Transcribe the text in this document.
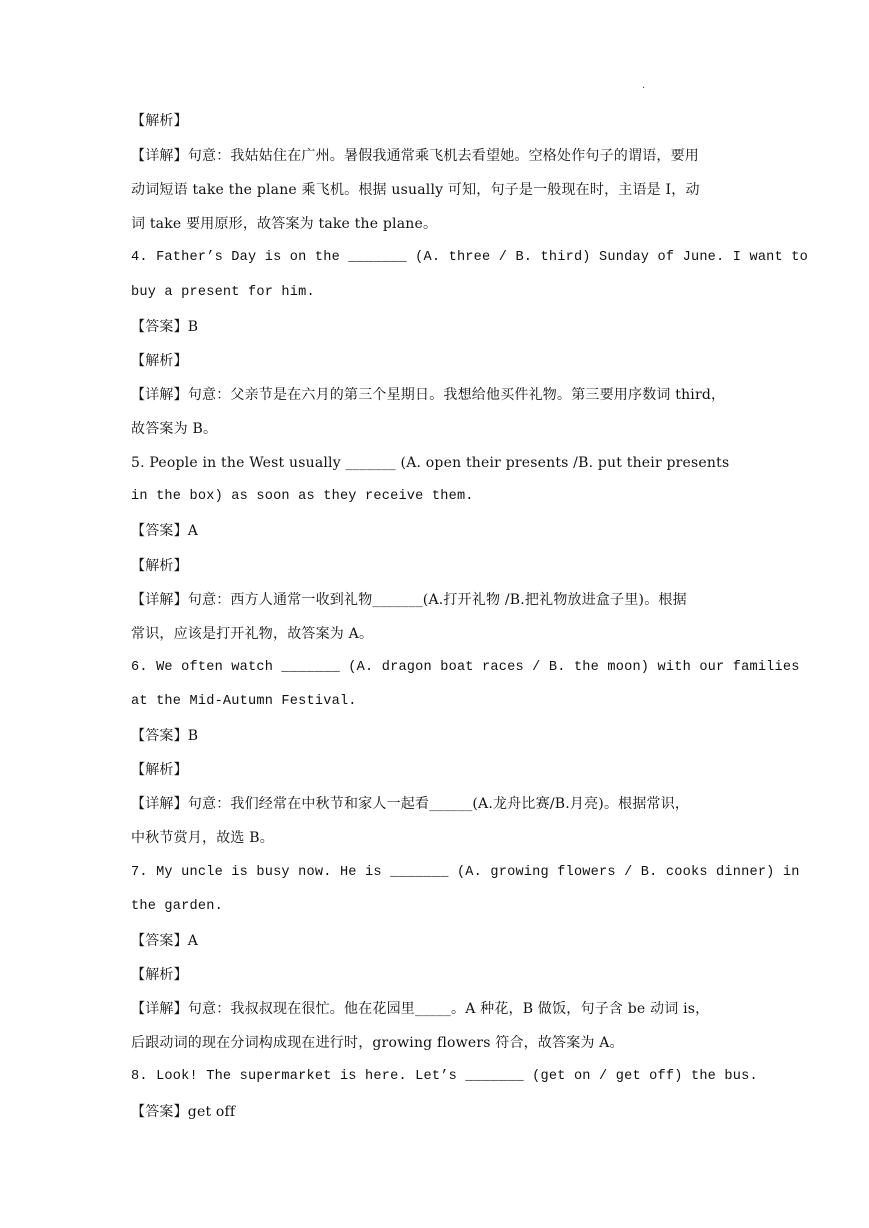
.
【解析】
【详解】句意：我姑姑住在广州。暑假我通常乘飞机去看望她。空格处作句子的谓语，要用
动词短语 take the plane 乘飞机。根据 usually 可知，句子是一般现在时，主语是 I，动
词 take 要用原形，故答案为 take the plane。
4. Father’s Day is on the _______ (A. three / B. third) Sunday of June. I want to
buy a present for him.
【答案】B
【解析】
【详解】句意：父亲节是在六月的第三个星期日。我想给他买件礼物。第三要用序数词 third，
故答案为 B。
5. People in the West usually _______ (A. open their presents /B. put their presents
in the box) as soon as they receive them.
【答案】A
【解析】
【详解】句意：西方人通常一收到礼物_______(A.打开礼物 /B.把礼物放进盒子里)。根据
常识，应该是打开礼物，故答案为 A。
6. We often watch _______ (A. dragon boat races / B. the moon) with our families
at the Mid-Autumn Festival.
【答案】B
【解析】
【详解】句意：我们经常在中秋节和家人一起看______(A.龙舟比赛/B.月亮)。根据常识，
中秋节赏月，故选 B。
7. My uncle is busy now. He is _______ (A. growing flowers / B. cooks dinner) in
the garden.
【答案】A
【解析】
【详解】句意：我叔叔现在很忙。他在花园里_____。A 种花，B 做饭，句子含 be 动词 is，
后跟动词的现在分词构成现在进行时，growing flowers 符合，故答案为 A。
8. Look! The supermarket is here. Let’s _______ (get on / get off) the bus.
【答案】get off
